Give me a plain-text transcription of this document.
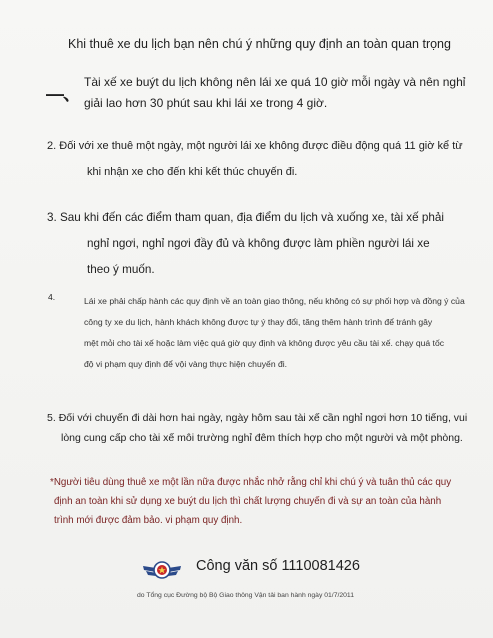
Khi thuê xe du lịch bạn nên chú ý những quy định an toàn quan trọng
—、
Tài xế xe buýt du lịch không nên lái xe quá 10 giờ mỗi ngày và nên nghỉ
giải lao hơn 30 phút sau khi lái xe trong 4 giờ.
2. Đối với xe thuê một ngày, một người lái xe không được điều động quá 11 giờ kể từ
khi nhận xe cho đến khi kết thúc chuyến đi.
3. Sau khi đến các điểm tham quan, địa điểm du lịch và xuống xe, tài xế phải
nghỉ ngơi, nghỉ ngơi đầy đủ và không được làm phiền người lái xe
theo ý muốn.
4.	Lái xe phải chấp hành các quy định về an toàn giao thông, nếu không có sự phối hợp và đồng ý của
công ty xe du lịch, hành khách không được tự ý thay đổi, tăng thêm hành trình để tránh gây
mệt mỏi cho tài xế hoặc làm việc quá giờ quy định và không được yêu cầu tài xế. chạy quá tốc
độ vi phạm quy định để vội vàng thực hiện chuyến đi.
5. Đối với chuyến đi dài hơn hai ngày, ngày hôm sau tài xế cần nghỉ ngơi hơn 10 tiếng, vui
lòng cung cấp cho tài xế môi trường nghỉ đêm thích hợp cho một người và một phòng.
*Người tiêu dùng thuê xe một lần nữa được nhắc nhở rằng chỉ khi chú ý và tuân thủ các quy
định an toàn khi sử dụng xe buýt du lịch thì chất lượng chuyến đi và sự an toàn của hành
trình mới được đảm bảo. vi phạm quy định.
Công văn số 1110081426
do Tổng cục Đường bộ Bộ Giao thông Vận tải ban hành ngày 01/7/2011
